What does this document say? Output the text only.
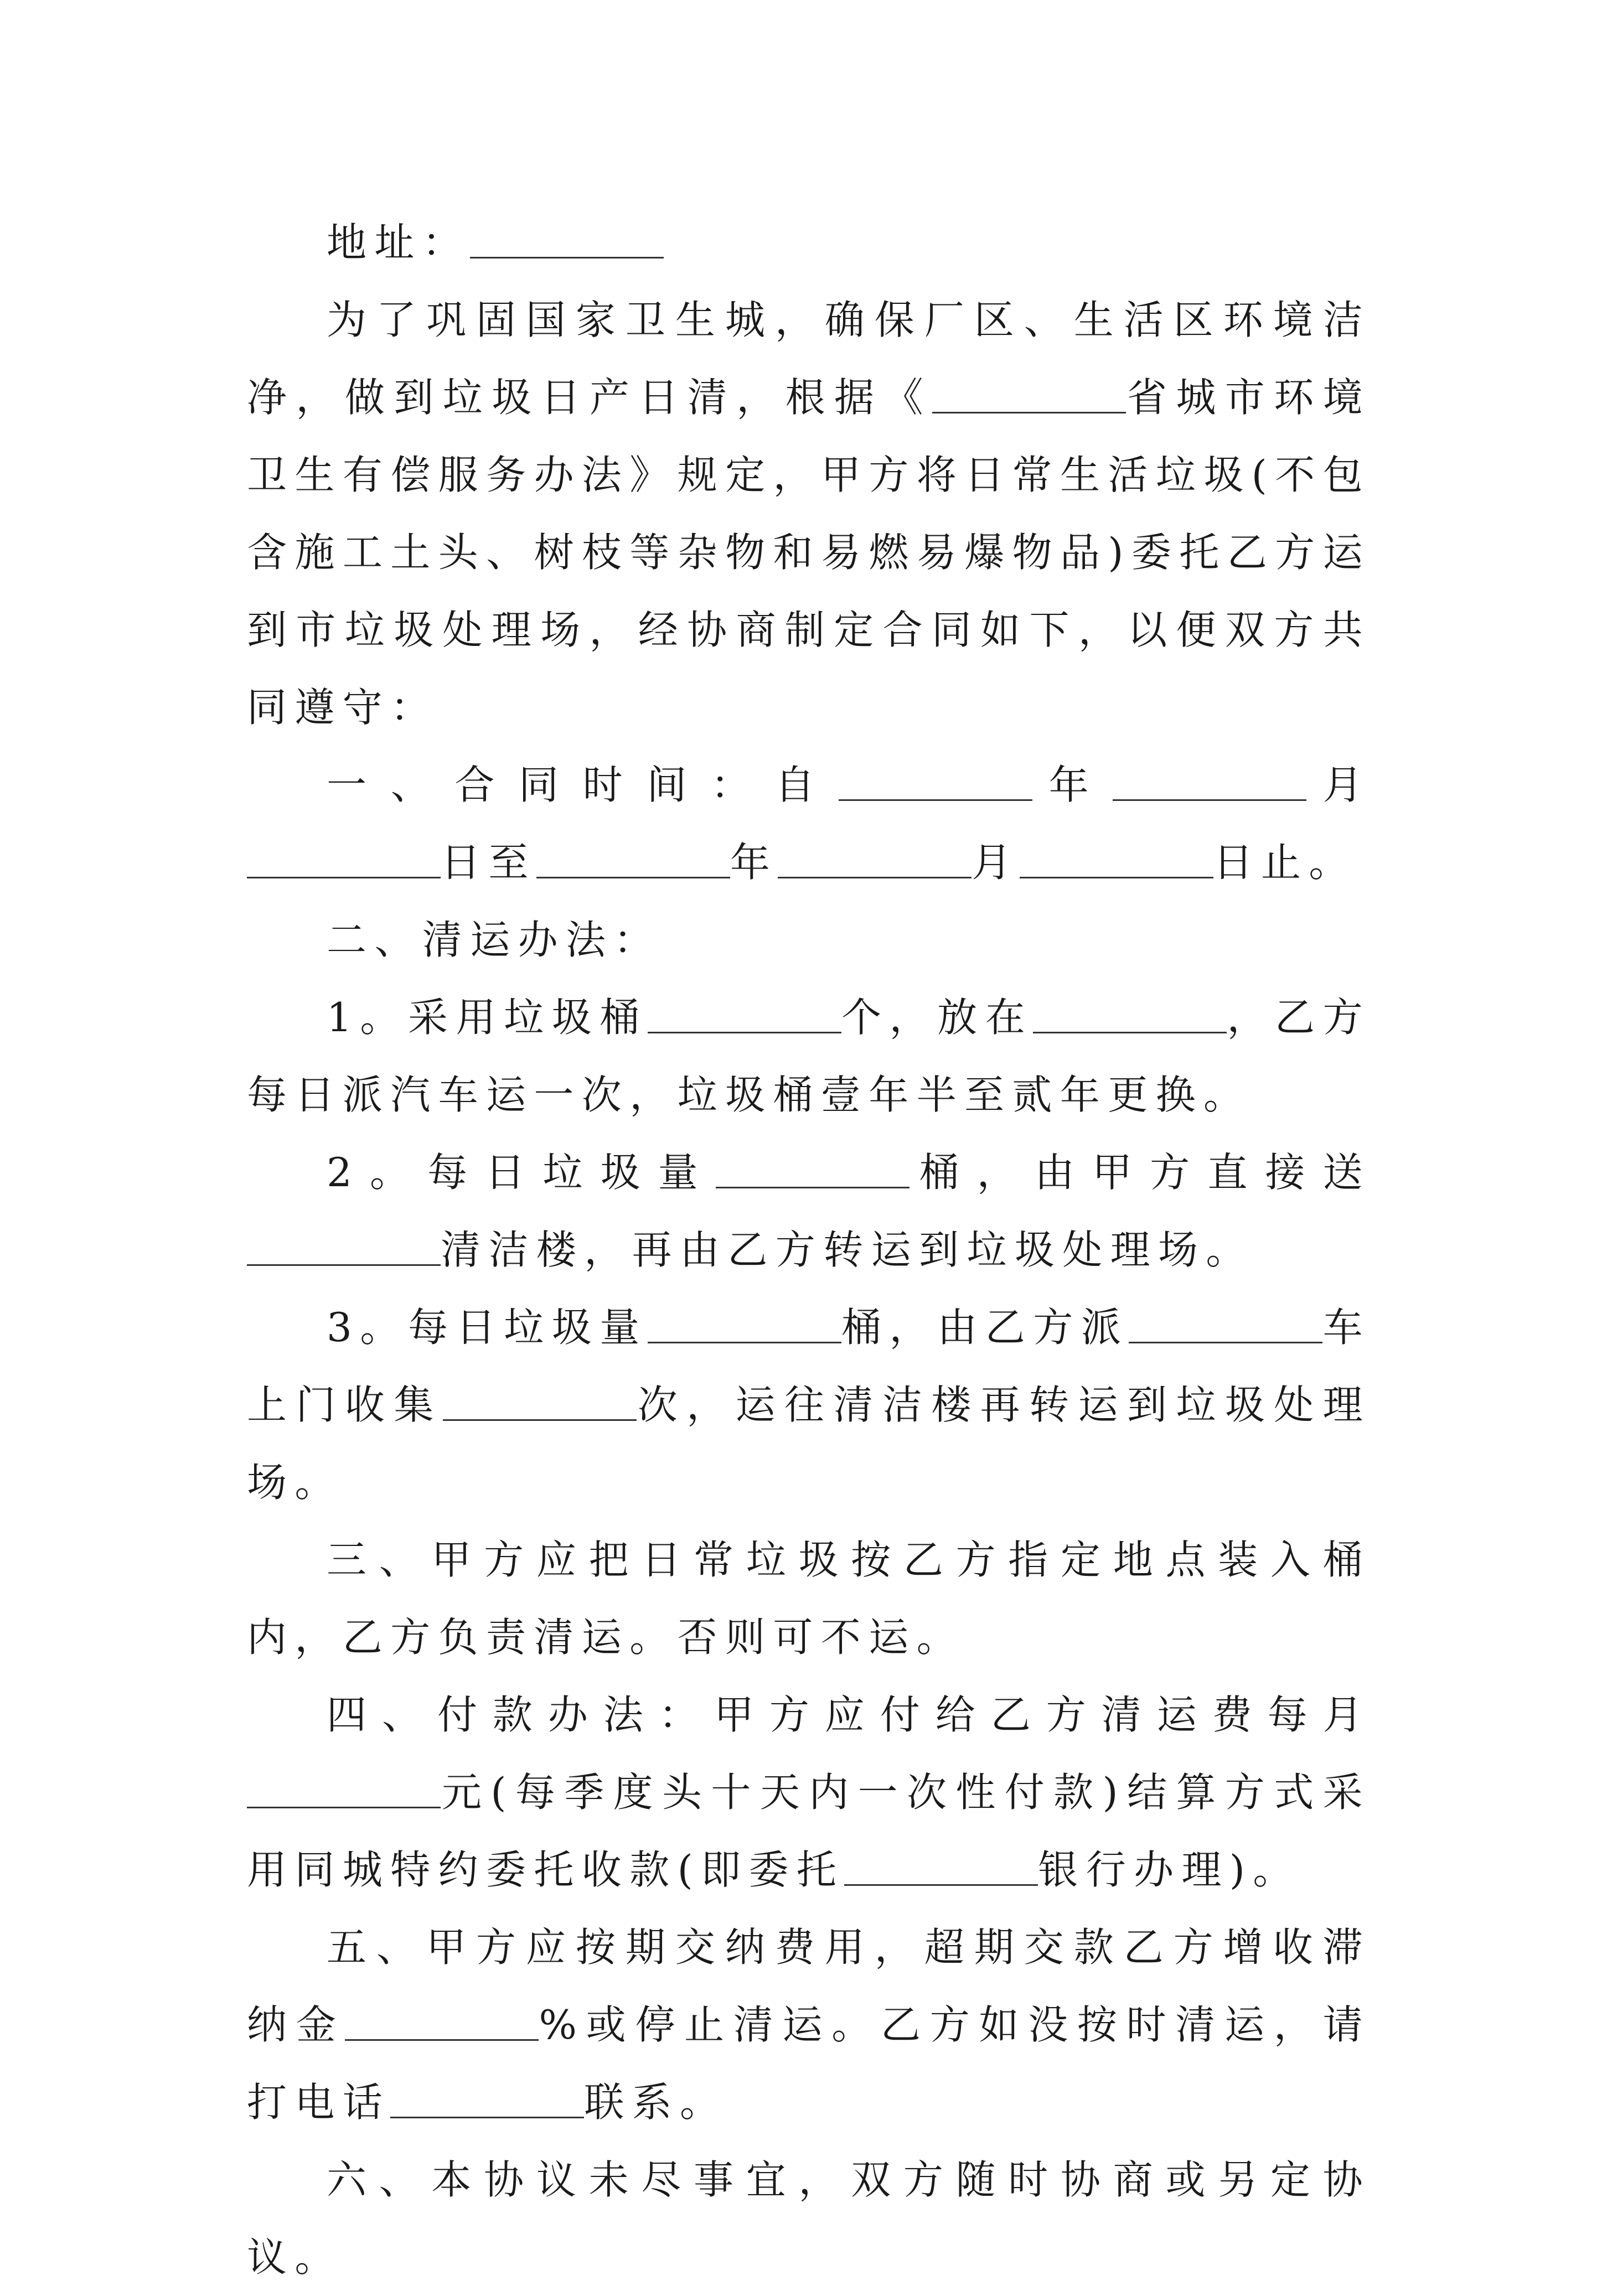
地址：

为了巩固国家卫生城，确保厂区、生活区环境洁净，做到垃圾日产日清，根据《	省城市环境卫生有偿服务办法》规定，甲方将日常生活垃圾(不包含施工土头、树枝等杂物和易燃易爆物品)委托乙方运到市垃圾处理场，经协商制定合同如下，以便双方共同遵守：

一、合同时间：自	年	月日至	年	月	日止。

二、清运办法：

1。采用垃圾桶	个，放在	，乙方每日派汽车运一次，垃圾桶壹年半至贰年更换。

2。每日垃圾量	桶，由甲方直接送清洁楼，再由乙方转运到垃圾处理场。

3。每日垃圾量	桶，由乙方派	车上门收集	次，运往清洁楼再转运到垃圾处理场。

三、甲方应把日常垃圾按乙方指定地点装入桶内，乙方负责清运。否则可不运。

四、付款办法：甲方应付给乙方清运费每月元(每季度头十天内一次性付款)结算方式采用同城特约委托收款(即委托	银行办理)。

五、甲方应按期交纳费用，超期交款乙方增收滞纳金	%或停止清运。乙方如没按时清运，请打电话	联系。

六、本协议未尽事宜，双方随时协商或另定协议。
